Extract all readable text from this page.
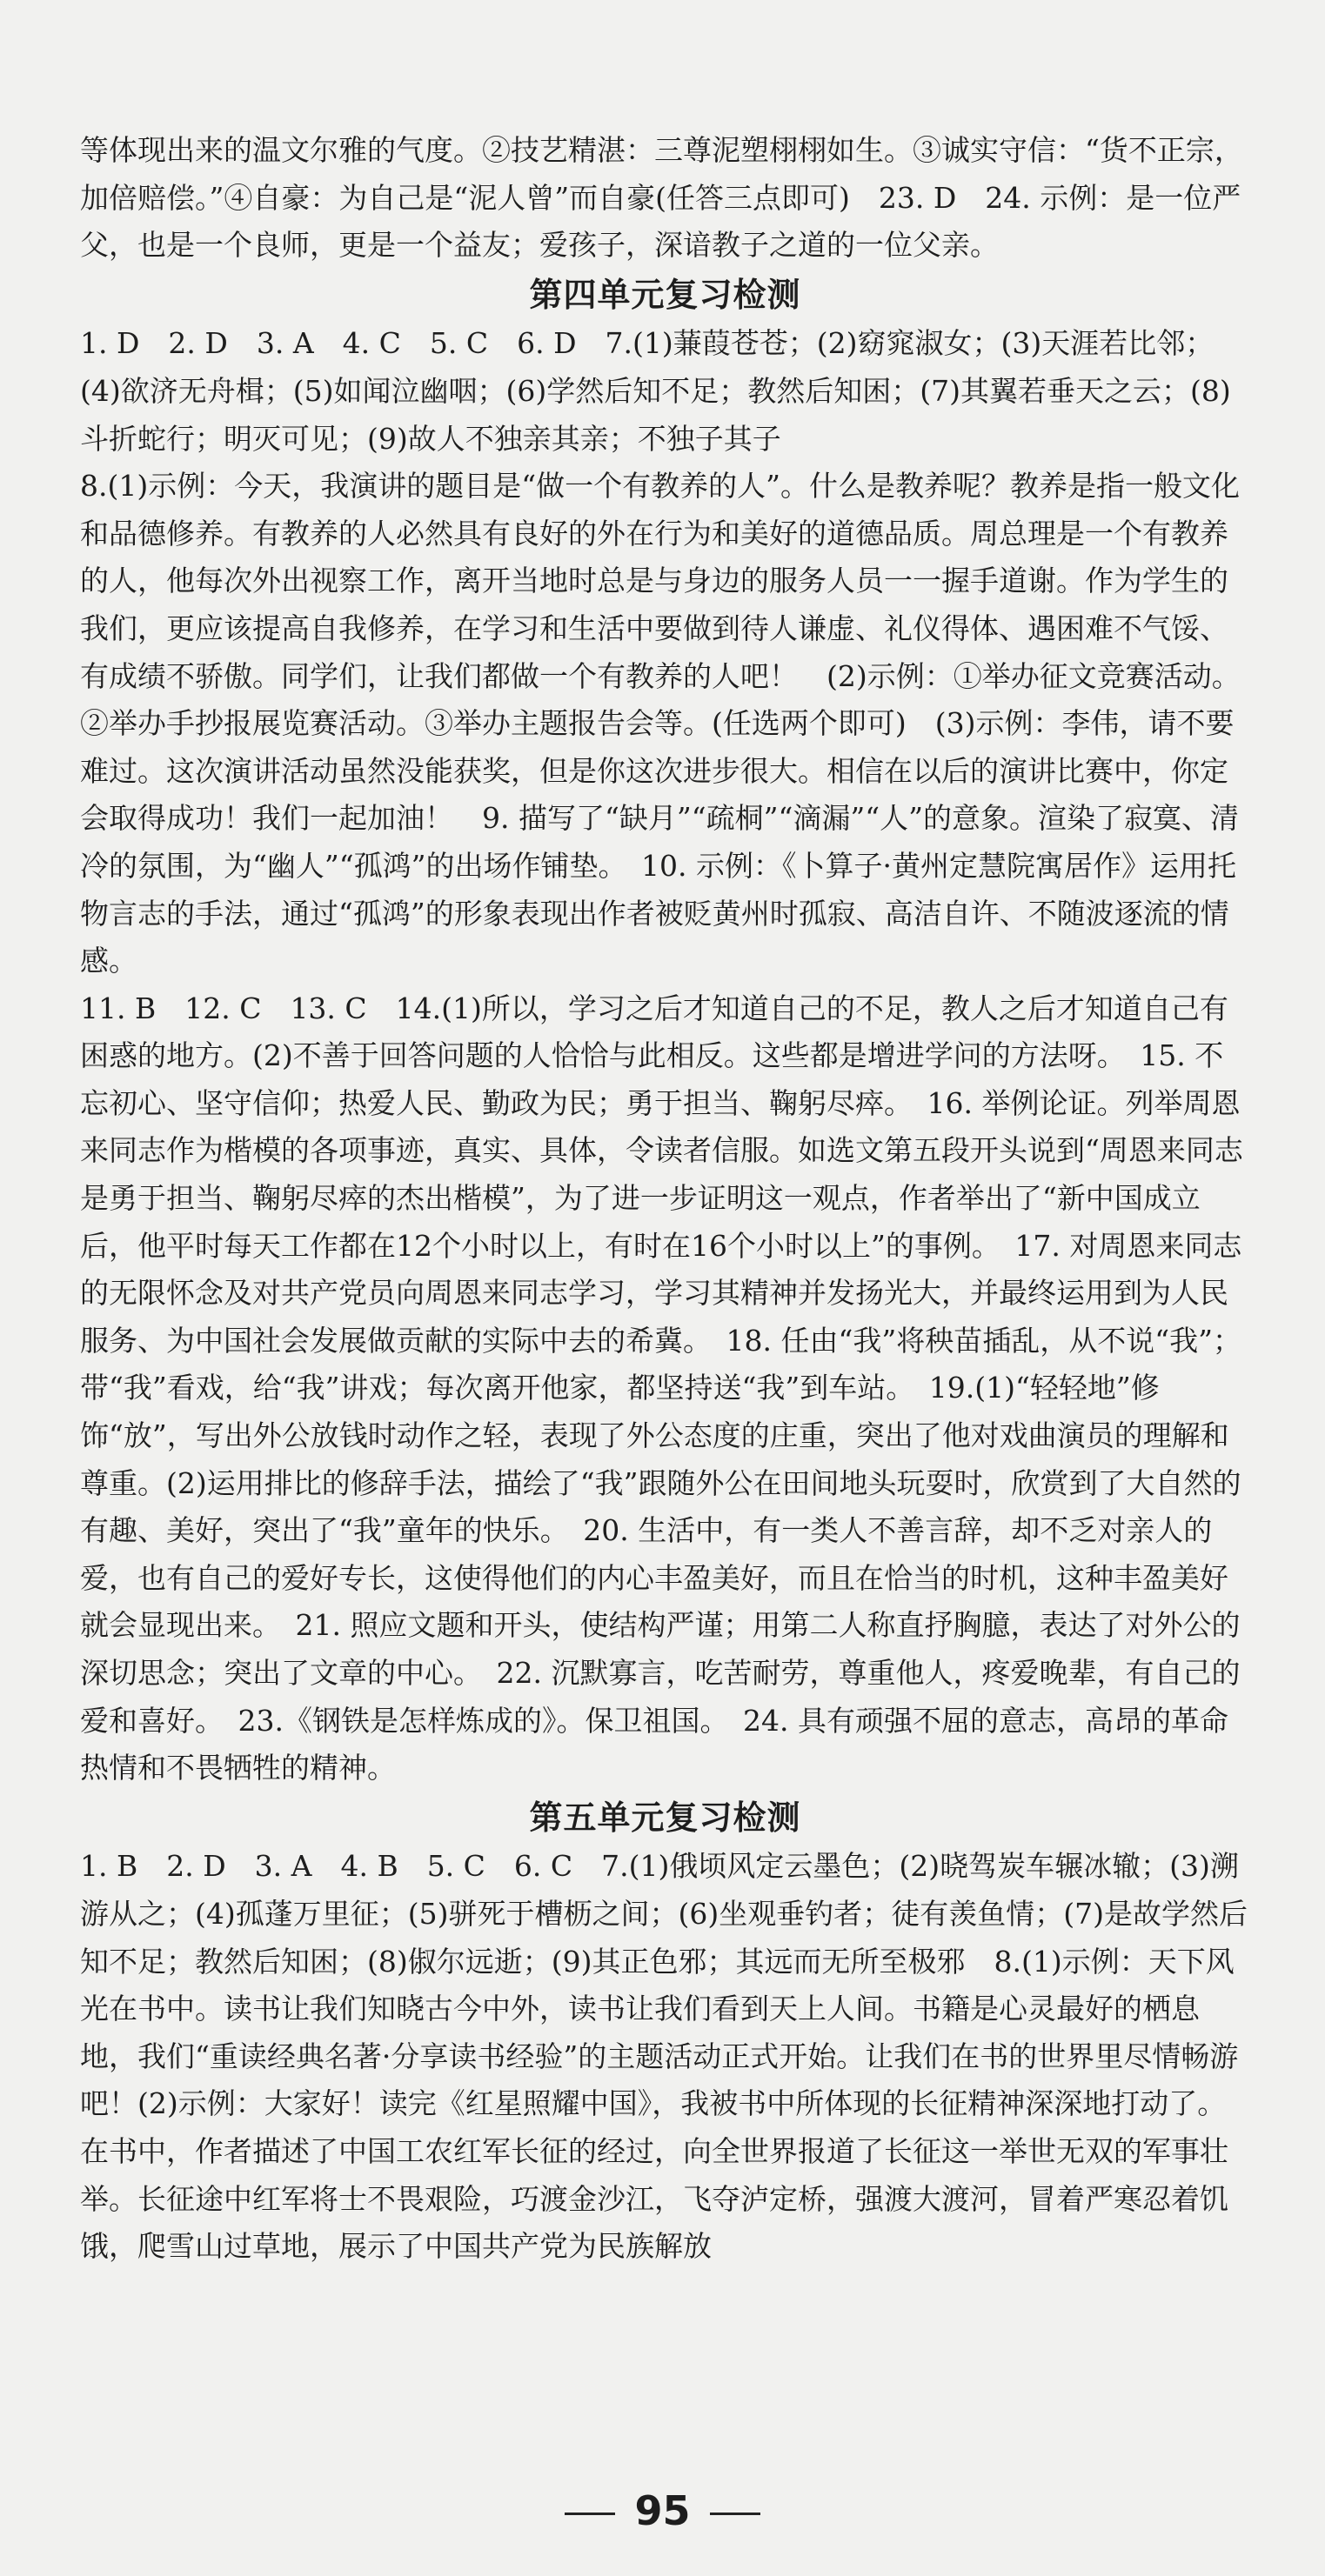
等体现出来的温文尔雅的气度。②技艺精湛：三尊泥塑栩栩如生。③诚实守信：“货不正宗，加倍赔偿。”④自豪：为自己是“泥人曾”而自豪(任答三点即可)　23. D　24. 示例：是一位严父，也是一个良师，更是一个益友；爱孩子，深谙教子之道的一位父亲。

第四单元复习检测

1. D　2. D　3. A　4. C　5. C　6. D　7.(1)蒹葭苍苍；(2)窈窕淑女；(3)天涯若比邻；(4)欲济无舟楫；(5)如闻泣幽咽；(6)学然后知不足；教然后知困；(7)其翼若垂天之云；(8)斗折蛇行；明灭可见；(9)故人不独亲其亲；不独子其子

8.(1)示例：今天，我演讲的题目是“做一个有教养的人”。什么是教养呢？教养是指一般文化和品德修养。有教养的人必然具有良好的外在行为和美好的道德品质。周总理是一个有教养的人，他每次外出视察工作，离开当地时总是与身边的服务人员一一握手道谢。作为学生的我们，更应该提高自我修养，在学习和生活中要做到待人谦虚、礼仪得体、遇困难不气馁、有成绩不骄傲。同学们，让我们都做一个有教养的人吧！　(2)示例：①举办征文竞赛活动。②举办手抄报展览赛活动。③举办主题报告会等。(任选两个即可)　(3)示例：李伟，请不要难过。这次演讲活动虽然没能获奖，但是你这次进步很大。相信在以后的演讲比赛中，你定会取得成功！我们一起加油！　9. 描写了“缺月”“疏桐”“滴漏”“人”的意象。渲染了寂寞、清冷的氛围，为“幽人”“孤鸿”的出场作铺垫。　10. 示例：《卜算子·黄州定慧院寓居作》运用托物言志的手法，通过“孤鸿”的形象表现出作者被贬黄州时孤寂、高洁自许、不随波逐流的情感。

11. B　12. C　13. C　14.(1)所以，学习之后才知道自己的不足，教人之后才知道自己有困惑的地方。(2)不善于回答问题的人恰恰与此相反。这些都是增进学问的方法呀。　15. 不忘初心、坚守信仰；热爱人民、勤政为民；勇于担当、鞠躬尽瘁。　16. 举例论证。列举周恩来同志作为楷模的各项事迹，真实、具体，令读者信服。如选文第五段开头说到“周恩来同志是勇于担当、鞠躬尽瘁的杰出楷模”，为了进一步证明这一观点，作者举出了“新中国成立后，他平时每天工作都在12个小时以上，有时在16个小时以上”的事例。　17. 对周恩来同志的无限怀念及对共产党员向周恩来同志学习，学习其精神并发扬光大，并最终运用到为人民服务、为中国社会发展做贡献的实际中去的希冀。　18. 任由“我”将秧苗插乱，从不说“我”；带“我”看戏，给“我”讲戏；每次离开他家，都坚持送“我”到车站。　19.(1)“轻轻地”修饰“放”，写出外公放钱时动作之轻，表现了外公态度的庄重，突出了他对戏曲演员的理解和尊重。(2)运用排比的修辞手法，描绘了“我”跟随外公在田间地头玩耍时，欣赏到了大自然的有趣、美好，突出了“我”童年的快乐。　20. 生活中，有一类人不善言辞，却不乏对亲人的爱，也有自己的爱好专长，这使得他们的内心丰盈美好，而且在恰当的时机，这种丰盈美好就会显现出来。　21. 照应文题和开头，使结构严谨；用第二人称直抒胸臆，表达了对外公的深切思念；突出了文章的中心。　22. 沉默寡言，吃苦耐劳，尊重他人，疼爱晚辈，有自己的爱和喜好。　23.《钢铁是怎样炼成的》。保卫祖国。　24. 具有顽强不屈的意志，高昂的革命热情和不畏牺牲的精神。

第五单元复习检测

1. B　2. D　3. A　4. B　5. C　6. C　7.(1)俄顷风定云墨色；(2)晓驾炭车辗冰辙；(3)溯游从之；(4)孤蓬万里征；(5)骈死于槽枥之间；(6)坐观垂钓者；徒有羡鱼情；(7)是故学然后知不足；教然后知困；(8)俶尔远逝；(9)其正色邪；其远而无所至极邪　8.(1)示例：天下风光在书中。读书让我们知晓古今中外，读书让我们看到天上人间。书籍是心灵最好的栖息地，我们“重读经典名著·分享读书经验”的主题活动正式开始。让我们在书的世界里尽情畅游吧！(2)示例：大家好！读完《红星照耀中国》，我被书中所体现的长征精神深深地打动了。在书中，作者描述了中国工农红军长征的经过，向全世界报道了长征这一举世无双的军事壮举。长征途中红军将士不畏艰险，巧渡金沙江，飞夺泸定桥，强渡大渡河，冒着严寒忍着饥饿，爬雪山过草地，展示了中国共产党为民族解放

95
